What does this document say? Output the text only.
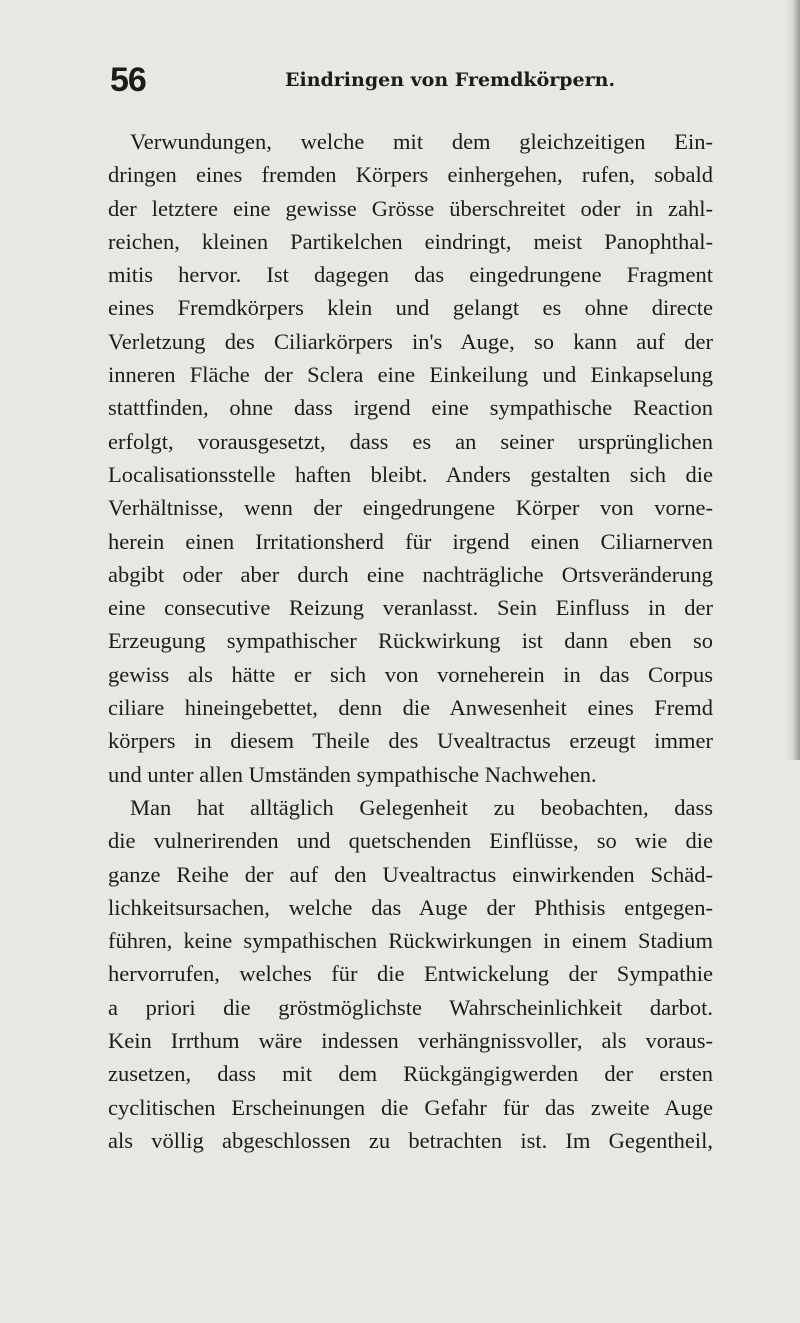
56	Eindringen von Fremdkörpern.
Verwundungen, welche mit dem gleichzeitigen Ein-
dringen eines fremden Körpers einhergehen, rufen, sobald
der letztere eine gewisse Grösse überschreitet oder in zahl-
reichen, kleinen Partikelchen eindringt, meist Panophthal-
mitis hervor. Ist dagegen das eingedrungene Fragment
eines Fremdkörpers klein und gelangt es ohne directe
Verletzung des Ciliarkörpers in's Auge, so kann auf der
inneren Fläche der Sclera eine Einkeilung und Einkapselung
stattfinden, ohne dass irgend eine sympathische Reaction
erfolgt, vorausgesetzt, dass es an seiner ursprünglichen
Localisationsstelle haften bleibt. Anders gestalten sich die
Verhältnisse, wenn der eingedrungene Körper von vorne-
herein einen Irritationsherd für irgend einen Ciliarnerven
abgibt oder aber durch eine nachträgliche Ortsveränderung
eine consecutive Reizung veranlasst. Sein Einfluss in der
Erzeugung sympathischer Rückwirkung ist dann eben so
gewiss als hätte er sich von vorneherein in das Corpus
ciliare hineingebettet, denn die Anwesenheit eines Fremd
körpers in diesem Theile des Uvealtractus erzeugt immer
und unter allen Umständen sympathische Nachwehen.
Man hat alltäglich Gelegenheit zu beobachten, dass
die vulnerirenden und quetschenden Einflüsse, so wie die
ganze Reihe der auf den Uvealtractus einwirkenden Schäd-
lichkeitsursachen, welche das Auge der Phthisis entgegen-
führen, keine sympathischen Rückwirkungen in einem Stadium
hervorrufen, welches für die Entwickelung der Sympathie
a priori die gröstmöglichste Wahrscheinlichkeit darbot.
Kein Irrthum wäre indessen verhängnissvoller, als voraus-
zusetzen, dass mit dem Rückgängigwerden der ersten
cyclitischen Erscheinungen die Gefahr für das zweite Auge
als völlig abgeschlossen zu betrachten ist. Im Gegentheil,
